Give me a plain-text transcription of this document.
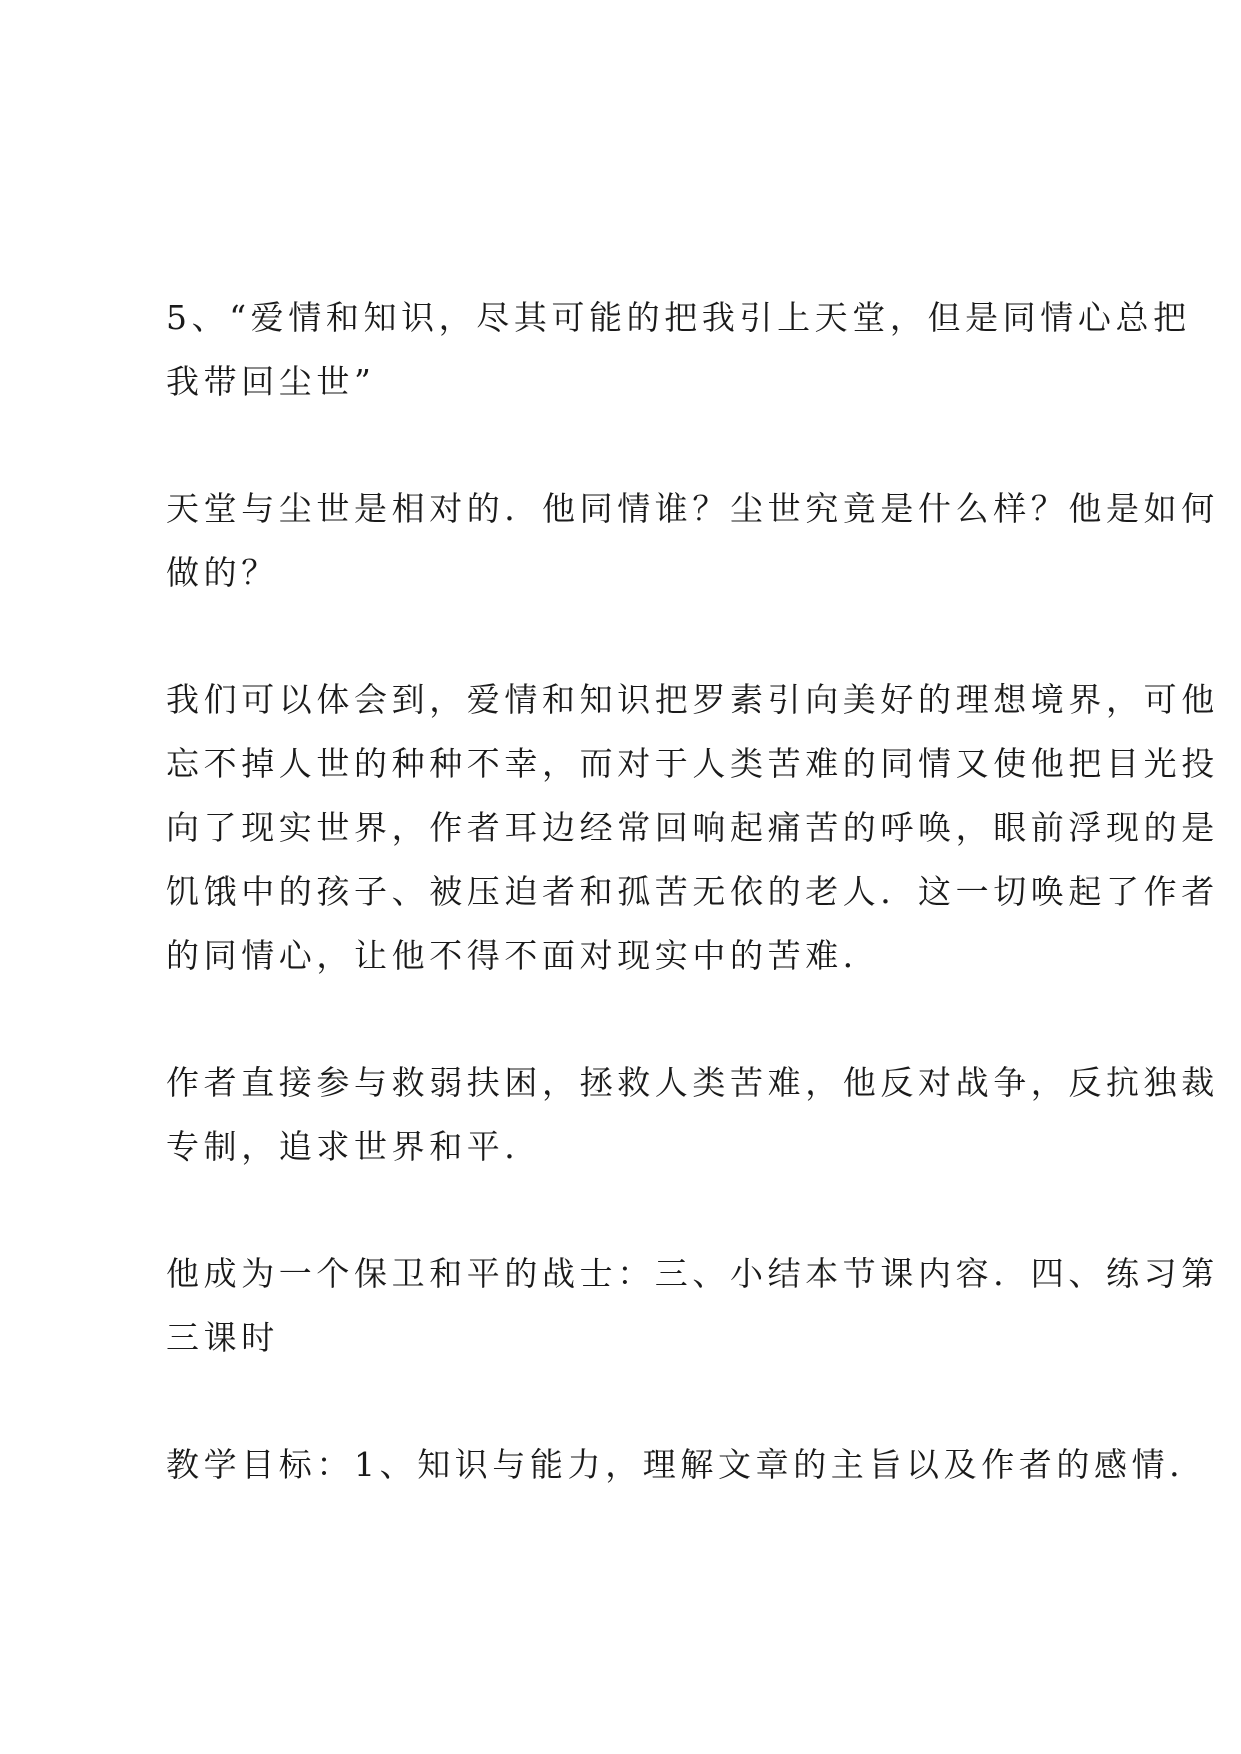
5、“爱情和知识，尽其可能的把我引上天堂，但是同情心总把
我带回尘世”

天堂与尘世是相对的．他同情谁？尘世究竟是什么样？他是如何
做的？

我们可以体会到，爱情和知识把罗素引向美好的理想境界，可他
忘不掉人世的种种不幸，而对于人类苦难的同情又使他把目光投
向了现实世界，作者耳边经常回响起痛苦的呼唤，眼前浮现的是
饥饿中的孩子、被压迫者和孤苦无依的老人．这一切唤起了作者
的同情心，让他不得不面对现实中的苦难．

作者直接参与救弱扶困，拯救人类苦难，他反对战争，反抗独裁
专制，追求世界和平．

他成为一个保卫和平的战士：三、小结本节课内容．四、练习第
三课时

教学目标：1、知识与能力，理解文章的主旨以及作者的感情．
